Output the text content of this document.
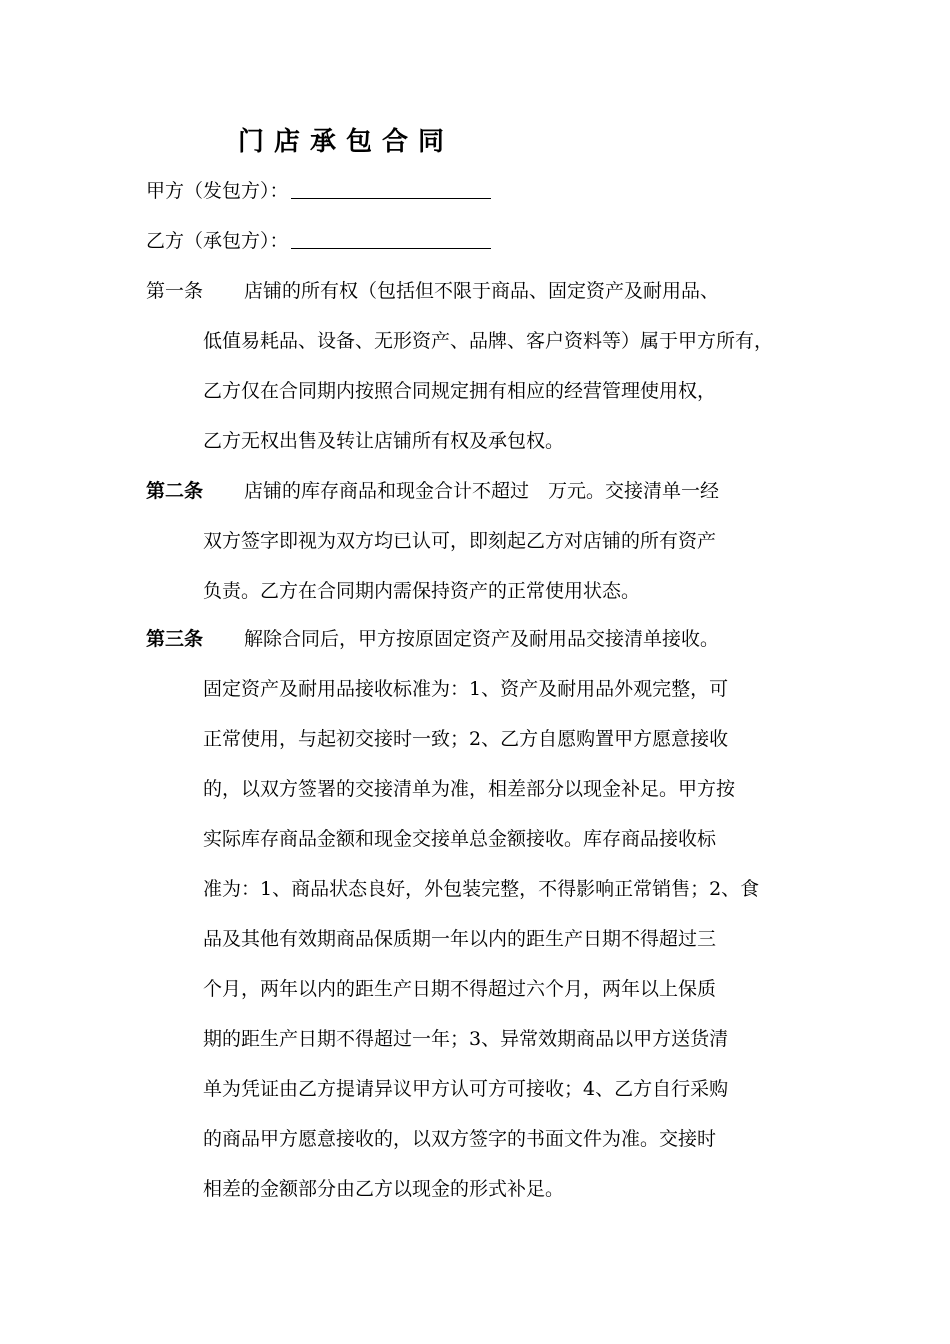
门店承包合同
甲方（发包方）：
乙方（承包方）：
第一条 店铺的所有权（包括但不限于商品、固定资产及耐用品、
低值易耗品、设备、无形资产、品牌、客户资料等）属于甲方所有，
乙方仅在合同期内按照合同规定拥有相应的经营管理使用权，
乙方无权出售及转让店铺所有权及承包权。
第二条 店铺的库存商品和现金合计不超过　万元。交接清单一经
双方签字即视为双方均已认可，即刻起乙方对店铺的所有资产
负责。乙方在合同期内需保持资产的正常使用状态。
第三条 解除合同后，甲方按原固定资产及耐用品交接清单接收。
固定资产及耐用品接收标准为：1、资产及耐用品外观完整，可
正常使用，与起初交接时一致；2、乙方自愿购置甲方愿意接收
的，以双方签署的交接清单为准，相差部分以现金补足。甲方按
实际库存商品金额和现金交接单总金额接收。库存商品接收标
准为：1、商品状态良好，外包装完整，不得影响正常销售；2、食
品及其他有效期商品保质期一年以内的距生产日期不得超过三
个月，两年以内的距生产日期不得超过六个月，两年以上保质
期的距生产日期不得超过一年；3、异常效期商品以甲方送货清
单为凭证由乙方提请异议甲方认可方可接收；4、乙方自行采购
的商品甲方愿意接收的，以双方签字的书面文件为准。交接时
相差的金额部分由乙方以现金的形式补足。
